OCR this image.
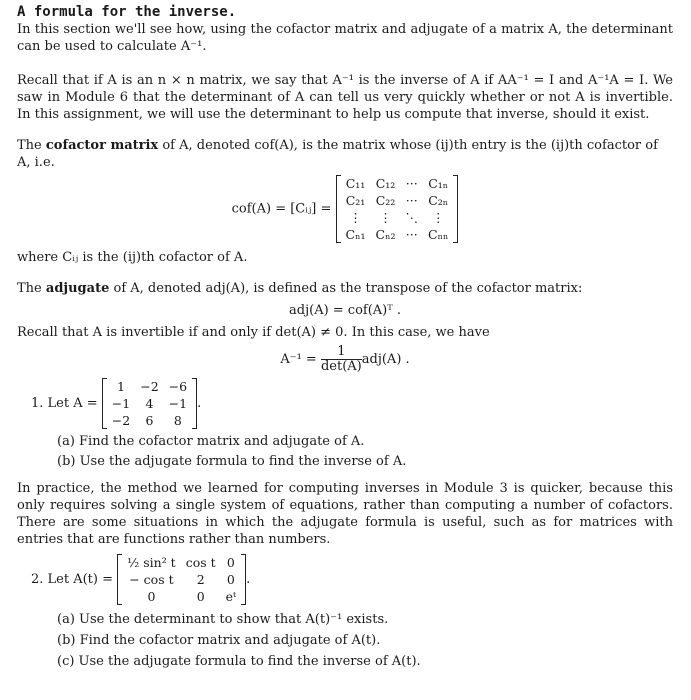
A formula for the inverse.
In this section we'll see how, using the cofactor matrix and adjugate of a matrix A, the determinant can be used to calculate A⁻¹.
Recall that if A is an n × n matrix, we say that A⁻¹ is the inverse of A if AA⁻¹ = I and A⁻¹A = I. We saw in Module 6 that the determinant of A can tell us very quickly whether or not A is invertible. In this assignment, we will use the determinant to help us compute that inverse, should it exist.
The cofactor matrix of A, denoted cof(A), is the matrix whose (ij)th entry is the (ij)th cofactor of A, i.e.
cof(A) = [Cᵢⱼ] =
C₁₁	C₁₂	···	C₁ₙ
C₂₁	C₂₂	···	C₂ₙ
⋮	⋮	⋱	⋮
Cₙ₁	Cₙ₂	···	Cₙₙ
where Cᵢⱼ is the (ij)th cofactor of A.
The adjugate of A, denoted adj(A), is defined as the transpose of the cofactor matrix:
adj(A) = cof(A)ᵀ .
Recall that A is invertible if and only if det(A) ≠ 0. In this case, we have
$A^{-1} = \frac{1}{\det(A)} adj(A)$ .
1. Let A =
1	−2	−6
−1	4	−1
−2	6	8
.
(a) Find the cofactor matrix and adjugate of A.
(b) Use the adjugate formula to find the inverse of A.
In practice, the method we learned for computing inverses in Module 3 is quicker, because this only requires solving a single system of equations, rather than computing a number of cofactors. There are some situations in which the adjugate formula is useful, such as for matrices with entries that are functions rather than numbers.
2. Let A(t) =
½ sin² t	cos t	0
− cos t	2	0
0	0	eᵗ
.
(a) Use the determinant to show that A(t)⁻¹ exists.
(b) Find the cofactor matrix and adjugate of A(t).
(c) Use the adjugate formula to find the inverse of A(t).
